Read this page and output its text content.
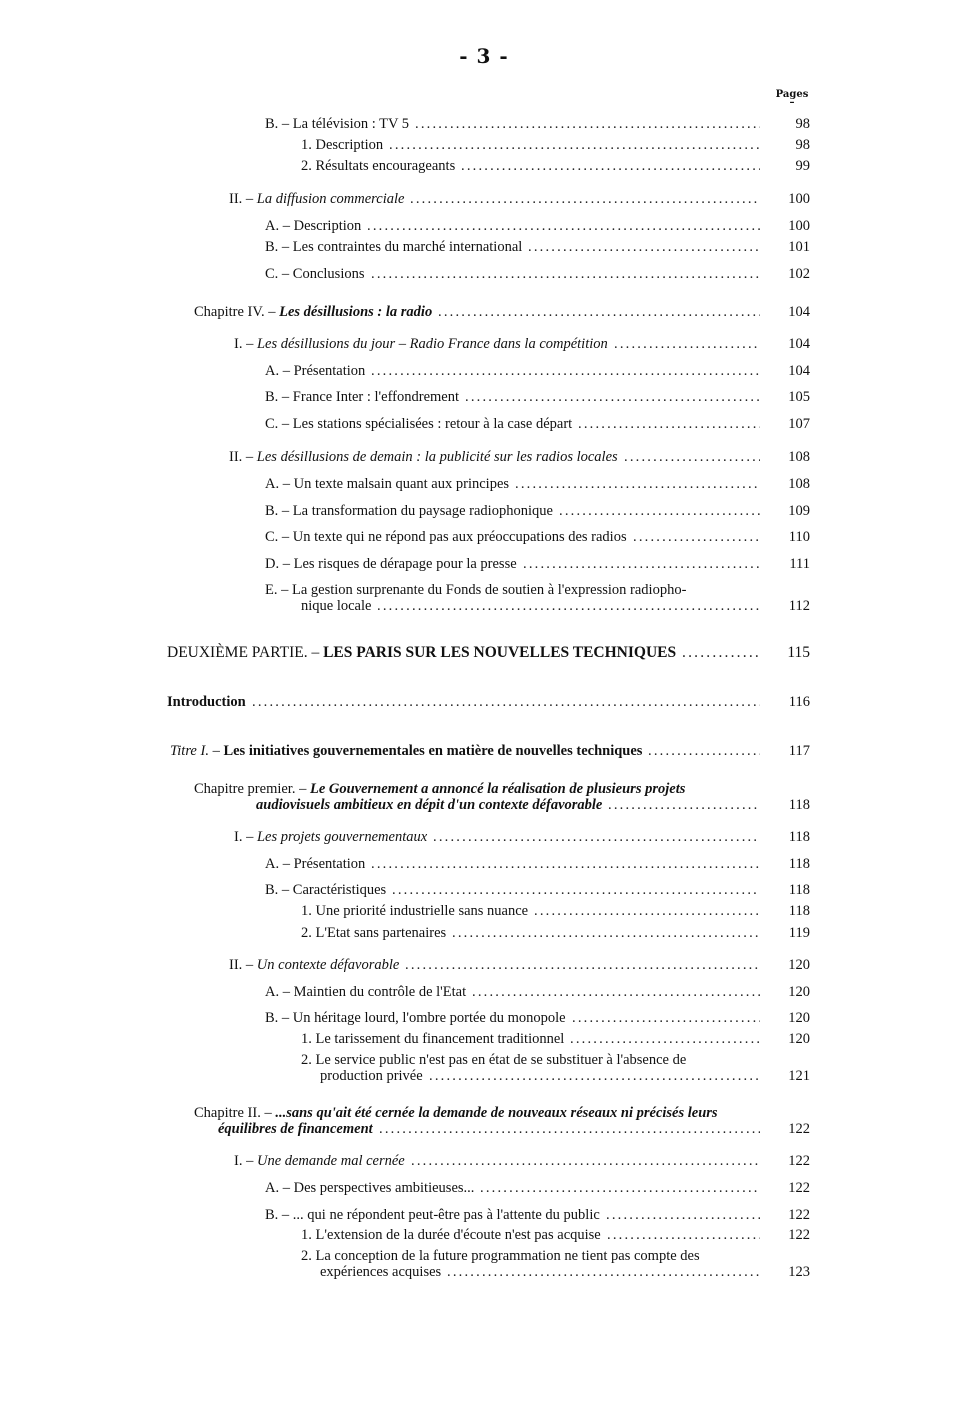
- 3 -
Pages
–
B. – La télévision : TV 5 .....	98
1. Description .....	98
2. Résultats encourageants .....	99
II. – La diffusion commerciale .....	100
A. – Description .....	100
B. – Les contraintes du marché international .....	101
C. – Conclusions .....	102
Chapitre IV. – Les désillusions : la radio .....	104
I. – Les désillusions du jour – Radio France dans la compétition .....	104
A. – Présentation .....	104
B. – France Inter : l'effondrement .....	105
C. – Les stations spécialisées : retour à la case départ .....	107
II. – Les désillusions de demain : la publicité sur les radios locales .....	108
A. – Un texte malsain quant aux principes .....	108
B. – La transformation du paysage radiophonique .....	109
C. – Un texte qui ne répond pas aux préoccupations des radios .....	110
D. – Les risques de dérapage pour la presse .....	111
E. – La gestion surprenante du Fonds de soutien à l'expression radiopho-
nique locale .....	112
DEUXIÈME PARTIE. – LES PARIS SUR LES NOUVELLES TECHNIQUES .....	115
Introduction .....	116
Titre I. – Les initiatives gouvernementales en matière de nouvelles techniques .....	117
Chapitre premier. – Le Gouvernement a annoncé la réalisation de plusieurs projets
audiovisuels ambitieux en dépit d'un contexte défavorable .....	118
I. – Les projets gouvernementaux .....	118
A. – Présentation .....	118
B. – Caractéristiques .....	118
1. Une priorité industrielle sans nuance .....	118
2. L'Etat sans partenaires .....	119
II. – Un contexte défavorable .....	120
A. – Maintien du contrôle de l'Etat .....	120
B. – Un héritage lourd, l'ombre portée du monopole .....	120
1. Le tarissement du financement traditionnel .....	120
2. Le service public n'est pas en état de se substituer à l'absence de
production privée .....	121
Chapitre II. – ...sans qu'ait été cernée la demande de nouveaux réseaux ni précisés leurs
équilibres de financement .....	122
I. – Une demande mal cernée .....	122
A. – Des perspectives ambitieuses... .....	122
B. – ... qui ne répondent peut-être pas à l'attente du public .....	122
1. L'extension de la durée d'écoute n'est pas acquise .....	122
2. La conception de la future programmation ne tient pas compte des
expériences acquises .....	123
